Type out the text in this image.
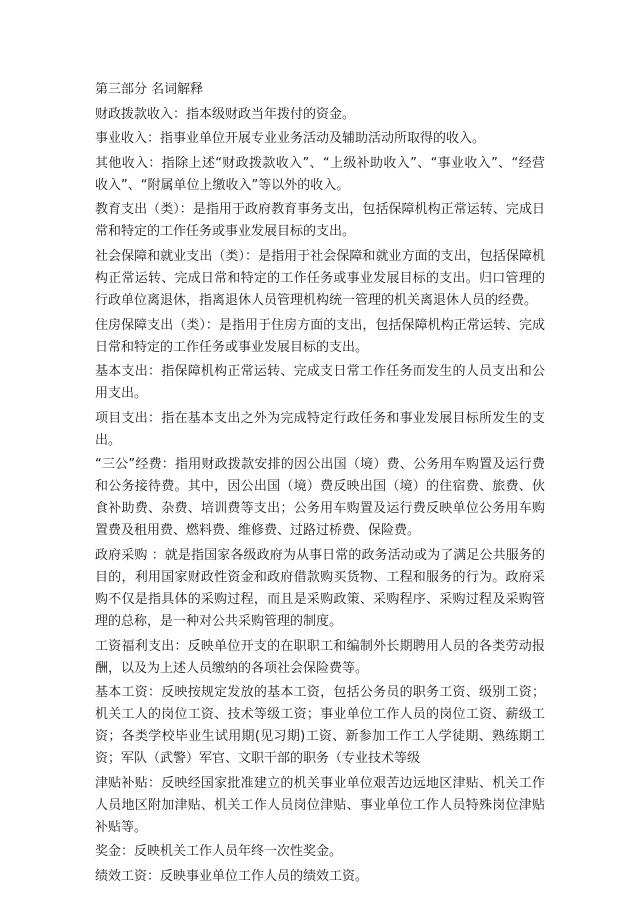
第三部分 名词解释

财政拨款收入：指本级财政当年拨付的资金。

事业收入：指事业单位开展专业业务活动及辅助活动所取得的收入。

其他收入：指除上述“财政拨款收入”、“上级补助收入”、“事业收入”、“经营收入”、“附属单位上缴收入”等以外的收入。

教育支出（类）：是指用于政府教育事务支出，包括保障机构正常运转、完成日常和特定的工作任务或事业发展目标的支出。

社会保障和就业支出（类）：是指用于社会保障和就业方面的支出，包括保障机构正常运转、完成日常和特定的工作任务或事业发展目标的支出。归口管理的行政单位离退休，指离退休人员管理机构统一管理的机关离退休人员的经费。

住房保障支出（类）：是指用于住房方面的支出，包括保障机构正常运转、完成日常和特定的工作任务或事业发展目标的支出。

基本支出：指保障机构正常运转、完成支日常工作任务而发生的人员支出和公用支出。

项目支出：指在基本支出之外为完成特定行政任务和事业发展目标所发生的支出。

“三公”经费：指用财政拨款安排的因公出国（境）费、公务用车购置及运行费和公务接待费。其中，因公出国（境）费反映出国（境）的住宿费、旅费、伙食补助费、杂费、培训费等支出；公务用车购置及运行费反映单位公务用车购置费及租用费、燃料费、维修费、过路过桥费、保险费。

政府采购 ：就是指国家各级政府为从事日常的政务活动或为了满足公共服务的目的，利用国家财政性资金和政府借款购买货物、工程和服务的行为。政府采购不仅是指具体的采购过程，而且是采购政策、采购程序、采购过程及采购管理的总称，是一种对公共采购管理的制度。

工资福利支出：反映单位开支的在职职工和编制外长期聘用人员的各类劳动报酬，以及为上述人员缴纳的各项社会保险费等。

基本工资：反映按规定发放的基本工资，包括公务员的职务工资、级别工资；机关工人的岗位工资、技术等级工资；事业单位工作人员的岗位工资、薪级工资；各类学校毕业生试用期(见习期)工资、新参加工作工人学徒期、熟练期工资；军队（武警）军官、文职干部的职务（专业技术等级

津贴补贴：反映经国家批准建立的机关事业单位艰苦边远地区津贴、机关工作人员地区附加津贴、机关工作人员岗位津贴、事业单位工作人员特殊岗位津贴补贴等。

奖金：反映机关工作人员年终一次性奖金。

绩效工资：反映事业单位工作人员的绩效工资。
